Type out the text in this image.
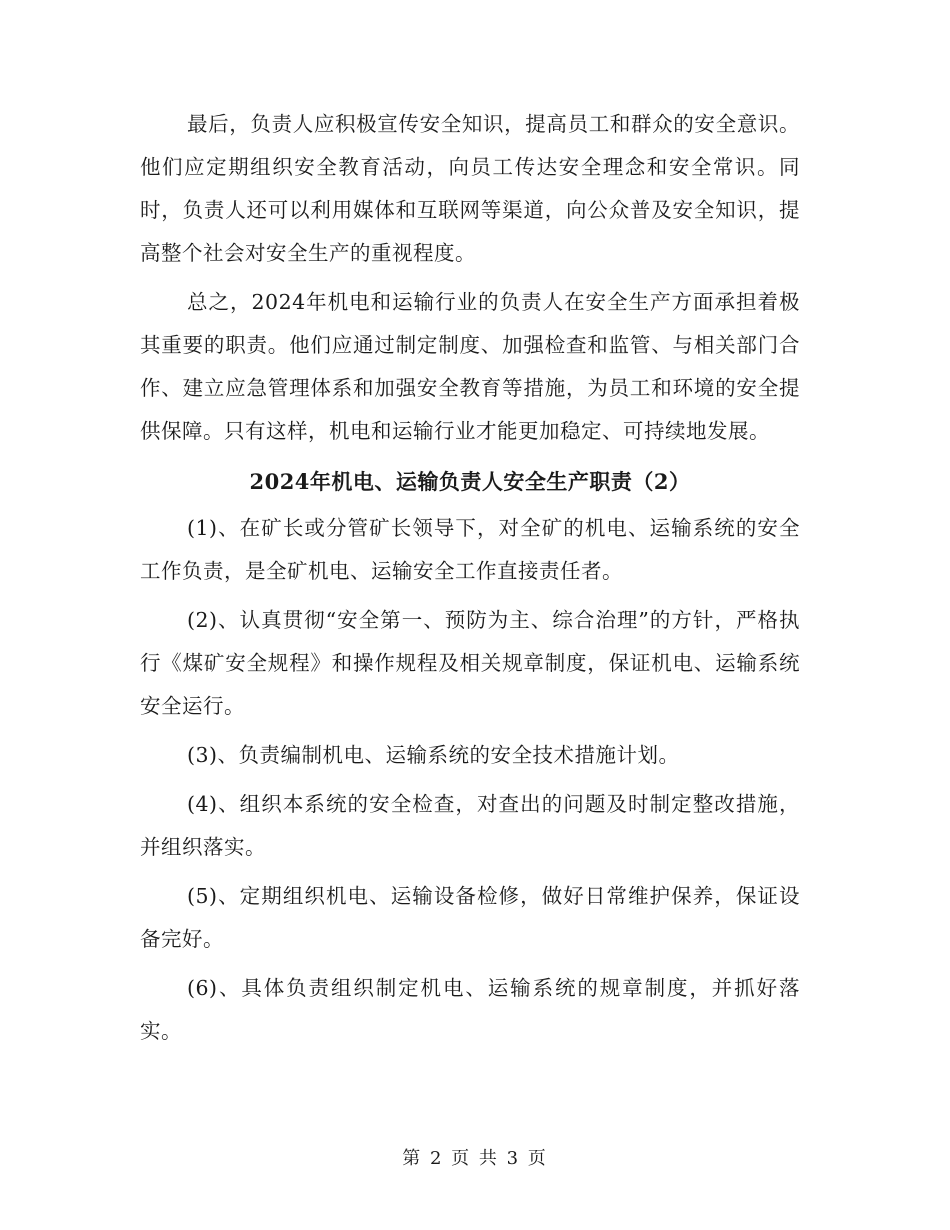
最后，负责人应积极宣传安全知识，提高员工和群众的安全意识。他们应定期组织安全教育活动，向员工传达安全理念和安全常识。同时，负责人还可以利用媒体和互联网等渠道，向公众普及安全知识，提高整个社会对安全生产的重视程度。

总之，2024年机电和运输行业的负责人在安全生产方面承担着极其重要的职责。他们应通过制定制度、加强检查和监管、与相关部门合作、建立应急管理体系和加强安全教育等措施，为员工和环境的安全提供保障。只有这样，机电和运输行业才能更加稳定、可持续地发展。

2024年机电、运输负责人安全生产职责（2）

(1)、在矿长或分管矿长领导下，对全矿的机电、运输系统的安全工作负责，是全矿机电、运输安全工作直接责任者。

(2)、认真贯彻“安全第一、预防为主、综合治理”的方针，严格执行《煤矿安全规程》和操作规程及相关规章制度，保证机电、运输系统安全运行。

(3)、负责编制机电、运输系统的安全技术措施计划。

(4)、组织本系统的安全检查，对查出的问题及时制定整改措施，并组织落实。

(5)、定期组织机电、运输设备检修，做好日常维护保养，保证设备完好。

(6)、具体负责组织制定机电、运输系统的规章制度，并抓好落实。

第 2 页 共 3 页
